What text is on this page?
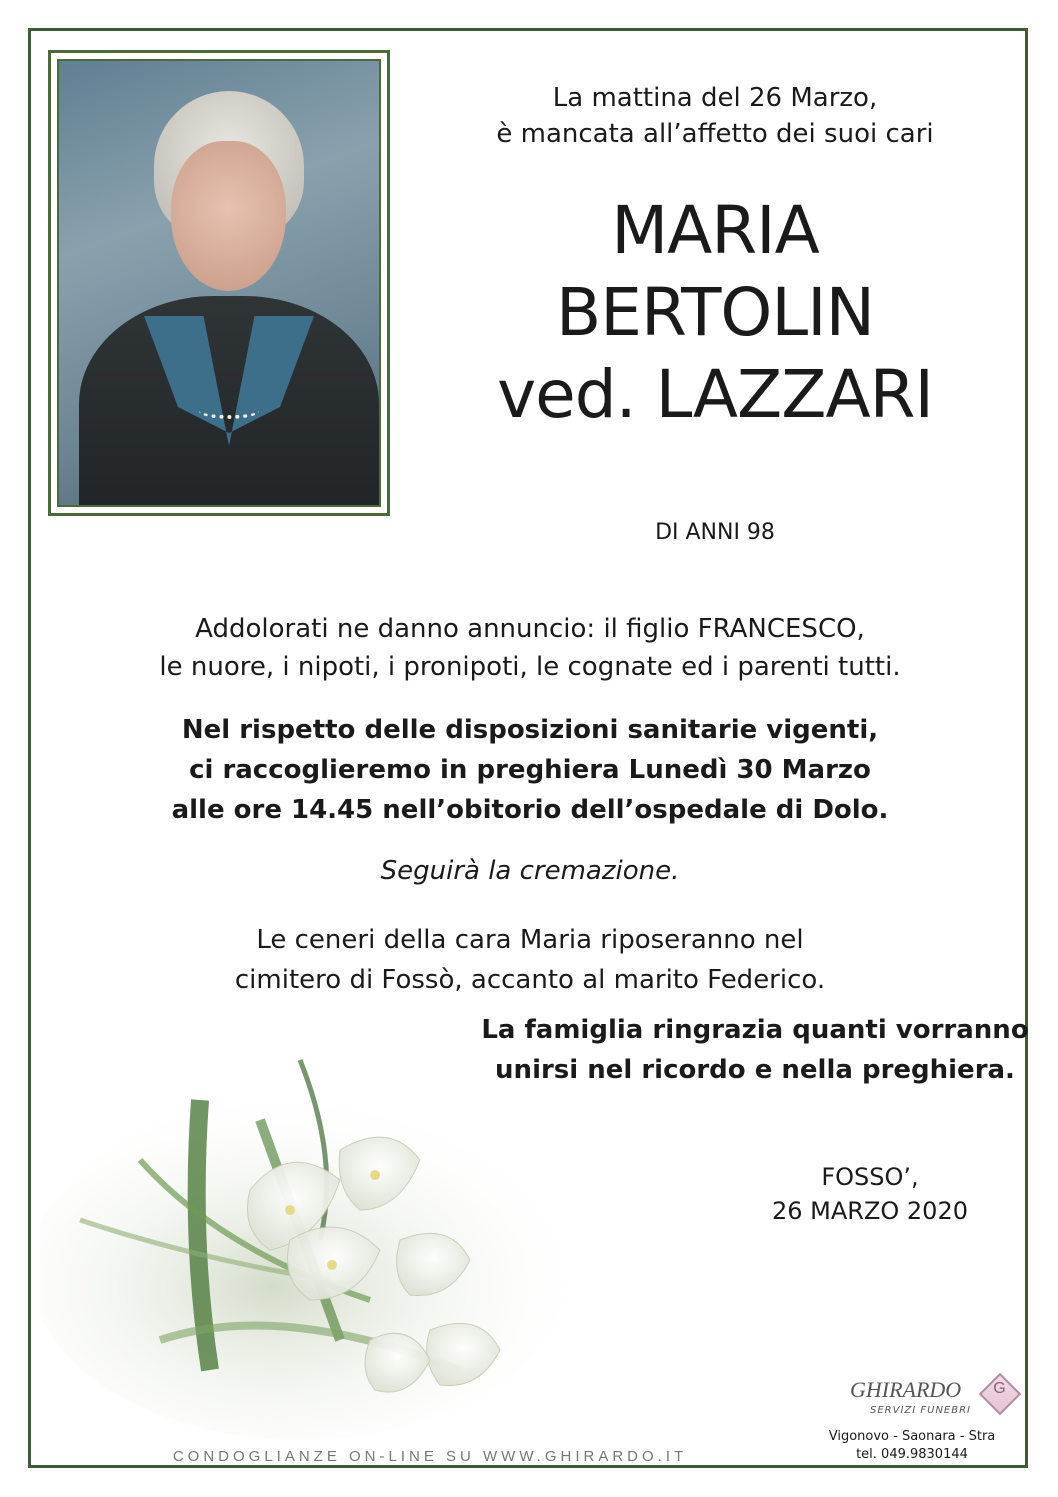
La mattina del 26 Marzo,
è mancata all’affetto dei suoi cari
MARIA
BERTOLIN
ved. LAZZARI
DI ANNI 98
Addolorati ne danno annuncio: il figlio FRANCESCO,
le nuore, i nipoti, i pronipoti, le cognate ed i parenti tutti.
Nel rispetto delle disposizioni sanitarie vigenti,
ci raccoglieremo in preghiera Lunedì 30 Marzo
alle ore 14.45 nell’obitorio dell’ospedale di Dolo.
Seguirà la cremazione.
Le ceneri della cara Maria riposeranno nel
cimitero di Fossò, accanto al marito Federico.
La famiglia ringrazia quanti vorranno
unirsi nel ricordo e nella preghiera.
FOSSO’,
26 MARZO 2020
GHIRARDO
SERVIZI FUNEBRI
G
Vigonovo - Saonara - Stra
tel. 049.9830144
CONDOGLIANZE ON-LINE SU WWW.GHIRARDO.IT
